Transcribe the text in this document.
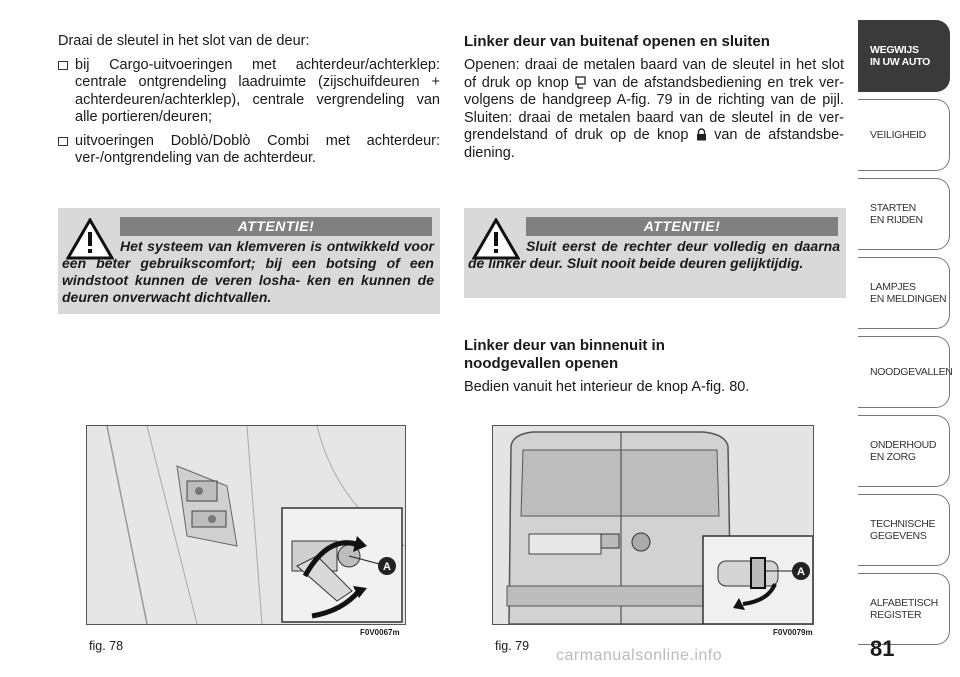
Draai de sleutel in het slot van de deur:

bij Cargo-uitvoeringen met achterdeur/achterklep: centrale ontgrendeling laadruimte (zijschuifdeuren + achterdeuren/achterklep), centrale vergrendeling van alle portieren/deuren;
uitvoeringen Doblò/Doblò Combi met achterdeur: ver-/ontgrendeling van de achterdeur.
ATTENTIE!
Het systeem van klemveren is ontwikkeld voor een beter gebruikscomfort; bij een botsing of een windstoot kunnen de veren losha- ken en kunnen de deuren onverwacht dichtvallen.
Linker deur van buitenaf openen en sluiten

Openen: draai de metalen baard van de sleutel in het slot of druk op knop van de afstandsbediening en trek ver- volgens de handgreep A-fig. 79 in de richting van de pijl. Sluiten: draai de metalen baard van de sleutel in de ver- grendelstand of druk op de knop van de afstandsbe- diening.

ATTENTIE!
Sluit eerst de rechter deur volledig en daarna de linker deur. Sluit nooit beide deuren gelijktijdig.
Linker deur van binnenuit in noodgevallen openen

Bedien vanuit het interieur de knop A-fig. 80.

A
fig. 78
F0V0067m
A
fig. 79
F0V0079m
WEGWIJS
IN UW AUTO
VEILIGHEID
STARTEN
EN RIJDEN
LAMPJES
EN MELDINGEN
NOODGEVALLEN
ONDERHOUD
EN ZORG
TECHNISCHE
GEGEVENS
ALFABETISCH
REGISTER
81
carmanualsonline.info
